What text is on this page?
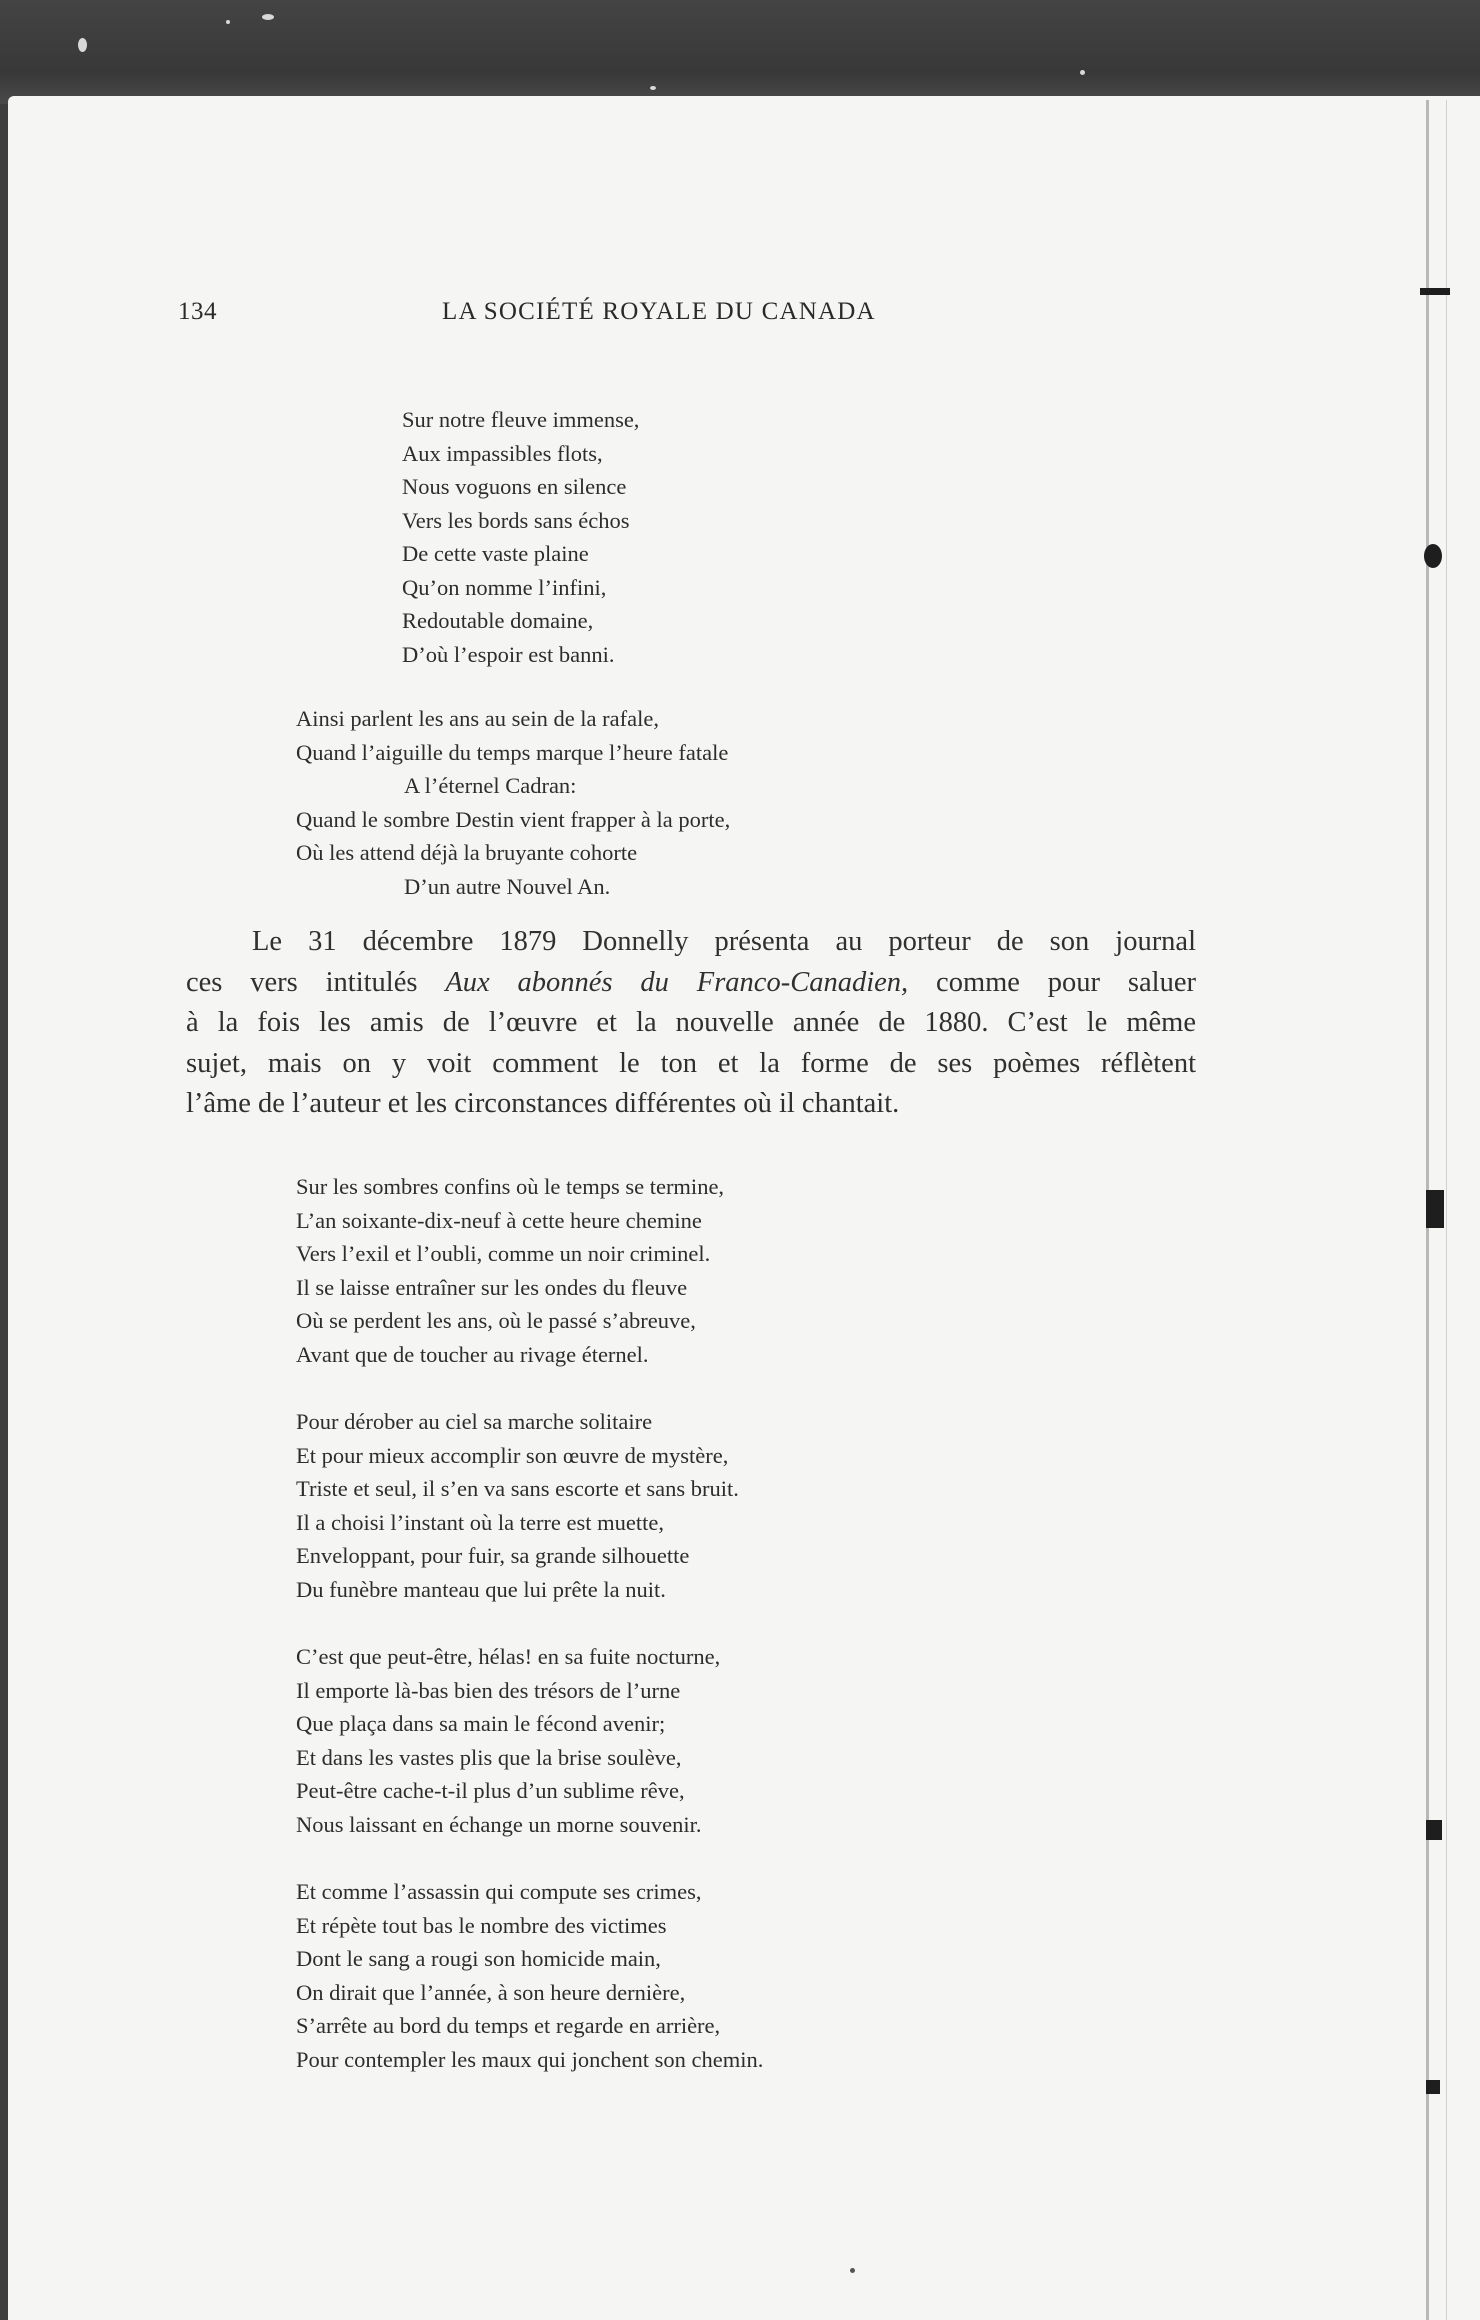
134	LA SOCIÉTÉ ROYALE DU CANADA
Sur notre fleuve immense,
Aux impassibles flots,
Nous voguons en silence
Vers les bords sans échos
De cette vaste plaine
Qu’on nomme l’infini,
Redoutable domaine,
D’où l’espoir est banni.
Ainsi parlent les ans au sein de la rafale,
Quand l’aiguille du temps marque l’heure fatale
A l’éternel Cadran:
Quand le sombre Destin vient frapper à la porte,
Où les attend déjà la bruyante cohorte
D’un autre Nouvel An.
Le 31 décembre 1879 Donnelly présenta au porteur de son journal
ces vers intitulés Aux abonnés du Franco-Canadien, comme pour saluer
à la fois les amis de l’œuvre et la nouvelle année de 1880. C’est le même
sujet, mais on y voit comment le ton et la forme de ses poèmes réflètent
l’âme de l’auteur et les circonstances différentes où il chantait.
Sur les sombres confins où le temps se termine,
L’an soixante-dix-neuf à cette heure chemine
Vers l’exil et l’oubli, comme un noir criminel.
Il se laisse entraîner sur les ondes du fleuve
Où se perdent les ans, où le passé s’abreuve,
Avant que de toucher au rivage éternel.
Pour dérober au ciel sa marche solitaire
Et pour mieux accomplir son œuvre de mystère,
Triste et seul, il s’en va sans escorte et sans bruit.
Il a choisi l’instant où la terre est muette,
Enveloppant, pour fuir, sa grande silhouette
Du funèbre manteau que lui prête la nuit.
C’est que peut-être, hélas! en sa fuite nocturne,
Il emporte là-bas bien des trésors de l’urne
Que plaça dans sa main le fécond avenir;
Et dans les vastes plis que la brise soulève,
Peut-être cache-t-il plus d’un sublime rêve,
Nous laissant en échange un morne souvenir.
Et comme l’assassin qui compute ses crimes,
Et répète tout bas le nombre des victimes
Dont le sang a rougi son homicide main,
On dirait que l’année, à son heure dernière,
S’arrête au bord du temps et regarde en arrière,
Pour contempler les maux qui jonchent son chemin.
